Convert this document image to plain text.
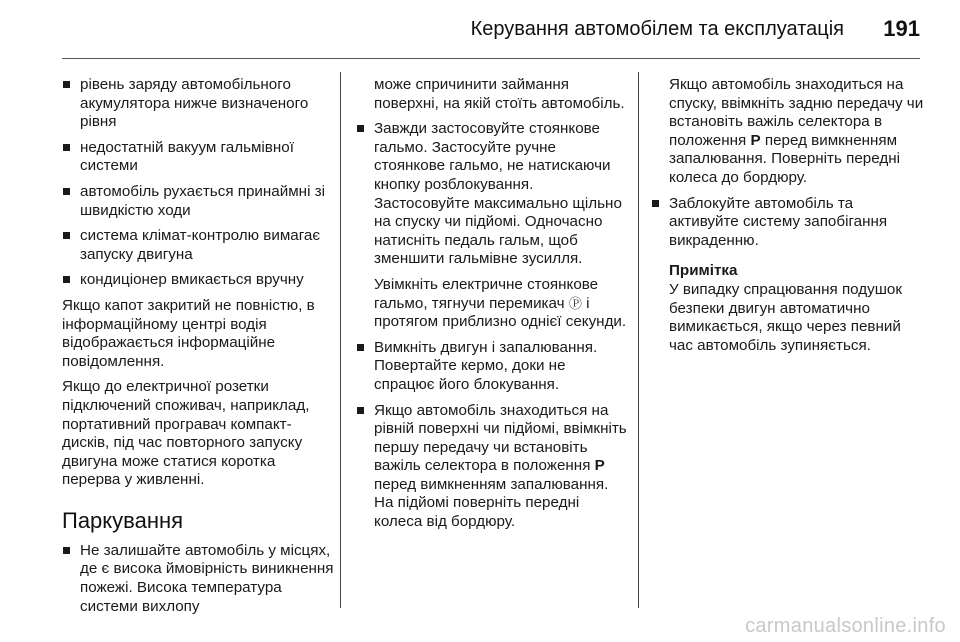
Керування автомобілем та експлуатація 191
рівень заряду автомобільного акумулятора нижче визначеного рівня
недостатній вакуум гальмівної системи
автомобіль рухається принаймні зі швидкістю ходи
система клімат-контролю вимагає запуску двигуна
кондиціонер вмикається вручну
Якщо капот закритий не повністю, в інформаційному центрі водія відображається інформаційне повідомлення.
Якщо до електричної розетки підключений споживач, наприклад, портативний програвач компакт-дисків, під час повторного запуску двигуна може статися коротка перерва у живленні.
Паркування
Не залишайте автомобіль у місцях, де є висока ймовірність виникнення пожежі. Висока температура системи вихлопу
може спричинити займання поверхні, на якій стоїть автомобіль.
Завжди застосовуйте стоянкове гальмо. Застосуйте ручне стоянкове гальмо, не натискаючи кнопку розблокування. Застосовуйте максимально щільно на спуску чи підйомі. Одночасно натисніть педаль гальм, щоб зменшити гальмівне зусилля.
Увімкніть електричне стоянкове гальмо, тягнучи перемикач Ⓟ і протягом приблизно однієї секунди.
Вимкніть двигун і запалювання. Повертайте кермо, доки не спрацює його блокування.
Якщо автомобіль знаходиться на рівній поверхні чи підйомі, ввімкніть першу передачу чи встановіть важіль селектора в положення P перед вимкненням запалювання. На підйомі поверніть передні колеса від бордюру.
Якщо автомобіль знаходиться на спуску, ввімкніть задню передачу чи встановіть важіль селектора в положення P перед вимкненням запалювання. Поверніть передні колеса до бордюру.
Заблокуйте автомобіль та активуйте систему запобігання викраденню.
Примітка
У випадку спрацювання подушок безпеки двигун автоматично вимикається, якщо через певний час автомобіль зупиняється.
carmanualsonline.info
